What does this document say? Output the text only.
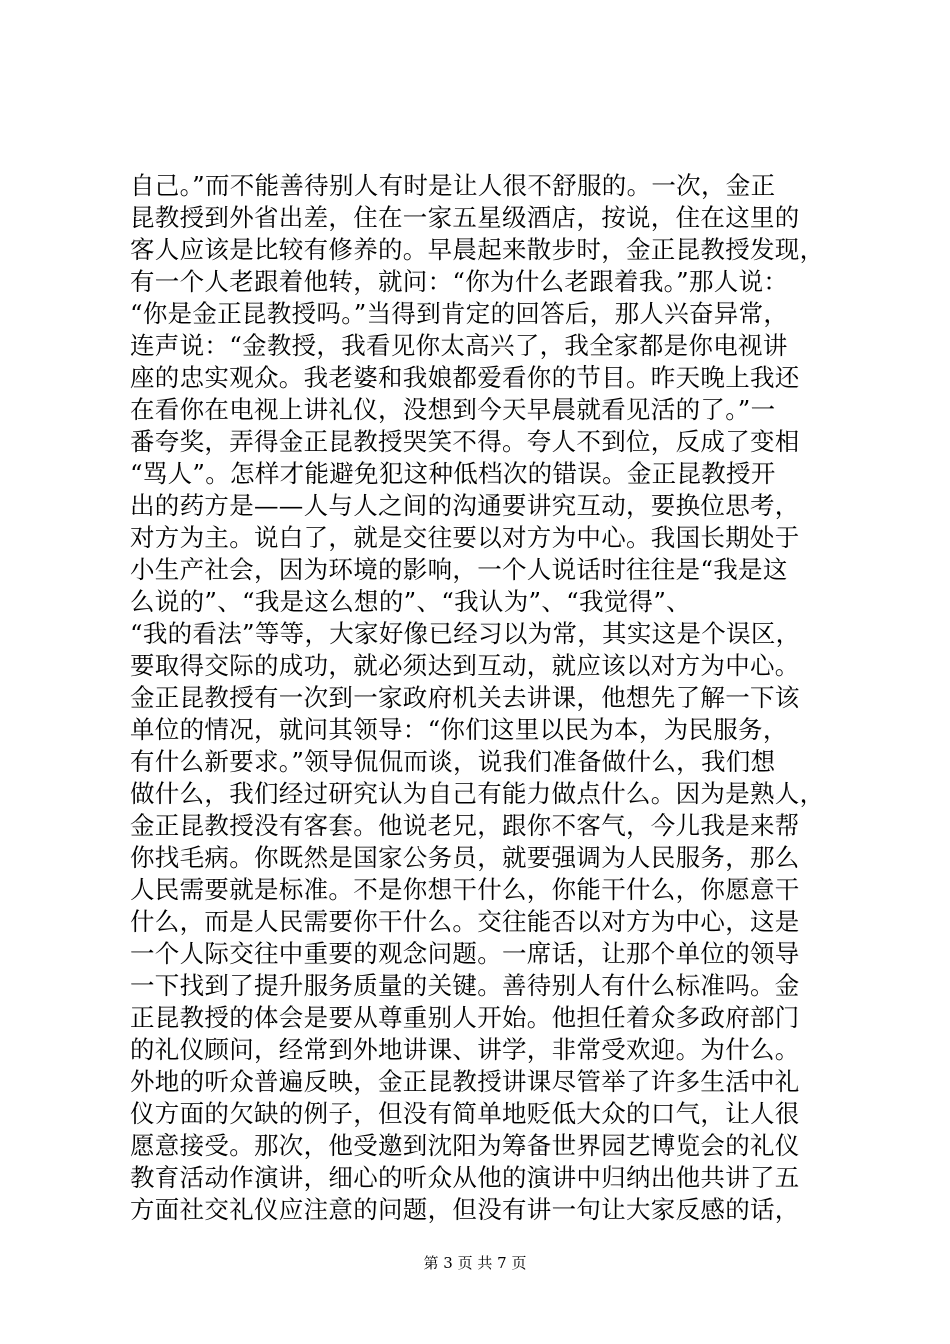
自己。”而不能善待别人有时是让人很不舒服的。一次，金正
昆教授到外省出差，住在一家五星级酒店，按说，住在这里的
客人应该是比较有修养的。早晨起来散步时，金正昆教授发现，
有一个人老跟着他转，就问：“你为什么老跟着我。”那人说：
“你是金正昆教授吗。”当得到肯定的回答后，那人兴奋异常，
连声说：“金教授，我看见你太高兴了，我全家都是你电视讲
座的忠实观众。我老婆和我娘都爱看你的节目。昨天晚上我还
在看你在电视上讲礼仪，没想到今天早晨就看见活的了。”一
番夸奖，弄得金正昆教授哭笑不得。夸人不到位，反成了变相
“骂人”。怎样才能避免犯这种低档次的错误。金正昆教授开
出的药方是——人与人之间的沟通要讲究互动，要换位思考，
对方为主。说白了，就是交往要以对方为中心。我国长期处于
小生产社会，因为环境的影响，一个人说话时往往是“我是这
么说的”、“我是这么想的”、“我认为”、“我觉得”、
“我的看法”等等，大家好像已经习以为常，其实这是个误区，
要取得交际的成功，就必须达到互动，就应该以对方为中心。
金正昆教授有一次到一家政府机关去讲课，他想先了解一下该
单位的情况，就问其领导：“你们这里以民为本，为民服务，
有什么新要求。”领导侃侃而谈，说我们准备做什么，我们想
做什么，我们经过研究认为自己有能力做点什么。因为是熟人，
金正昆教授没有客套。他说老兄，跟你不客气，今儿我是来帮
你找毛病。你既然是国家公务员，就要强调为人民服务，那么
人民需要就是标准。不是你想干什么，你能干什么，你愿意干
什么，而是人民需要你干什么。交往能否以对方为中心，这是
一个人际交往中重要的观念问题。一席话，让那个单位的领导
一下找到了提升服务质量的关键。善待别人有什么标准吗。金
正昆教授的体会是要从尊重别人开始。他担任着众多政府部门
的礼仪顾问，经常到外地讲课、讲学，非常受欢迎。为什么。
外地的听众普遍反映，金正昆教授讲课尽管举了许多生活中礼
仪方面的欠缺的例子，但没有简单地贬低大众的口气，让人很
愿意接受。那次，他受邀到沈阳为筹备世界园艺博览会的礼仪
教育活动作演讲，细心的听众从他的演讲中归纳出他共讲了五
方面社交礼仪应注意的问题，但没有讲一句让大家反感的话，
第 3 页 共 7 页
